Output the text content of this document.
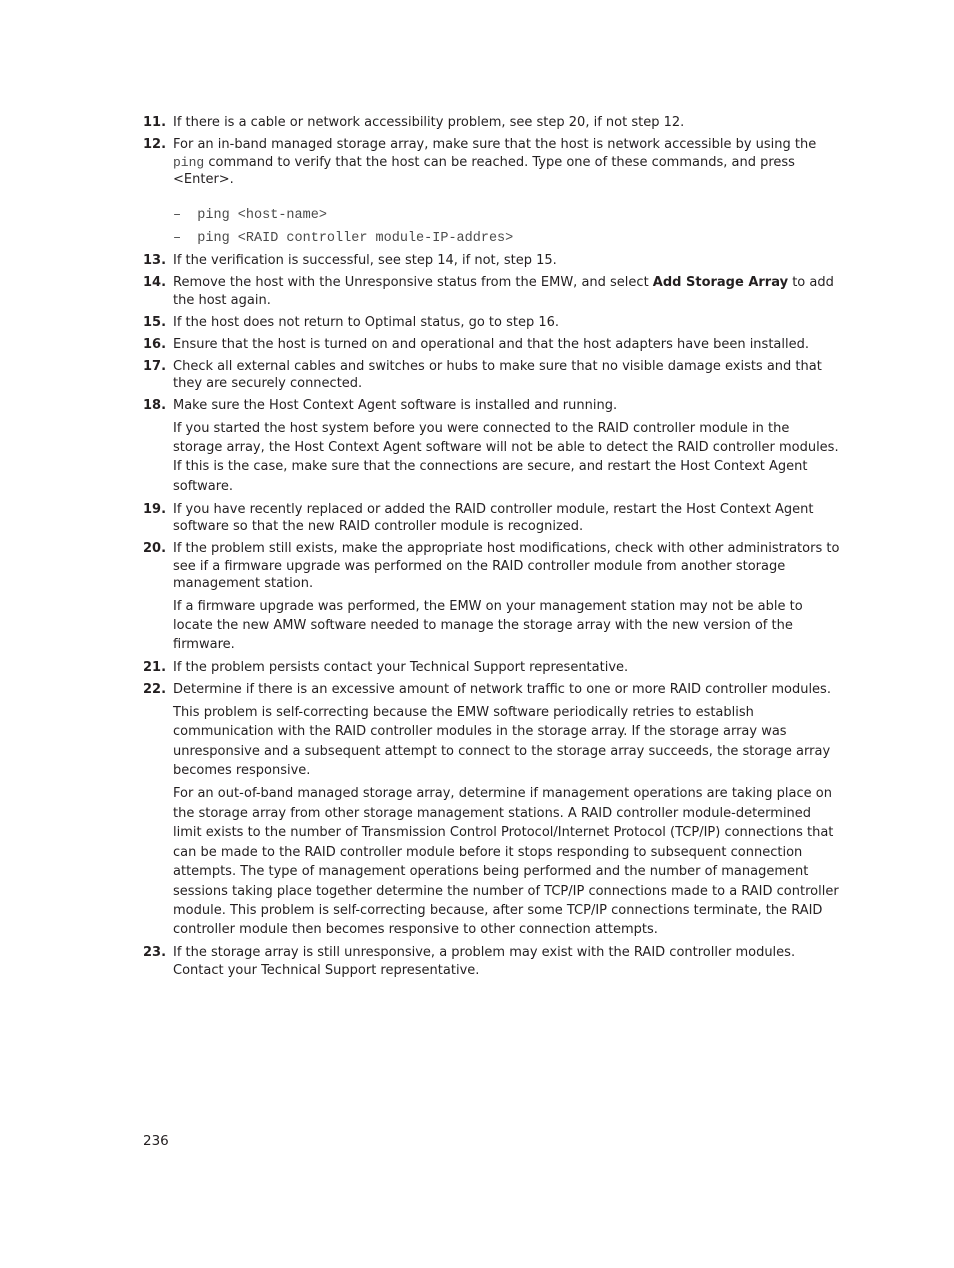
11. If there is a cable or network accessibility problem, see step 20, if not step 12.

12. For an in-band managed storage array, make sure that the host is network accessible by using the ping command to verify that the host can be reached. Type one of these commands, and press <Enter>.

–  ping <host-name>
–  ping <RAID controller module-IP-addres>
13. If the verification is successful, see step 14, if not, step 15.

14. Remove the host with the Unresponsive status from the EMW, and select Add Storage Array to add the host again.

15. If the host does not return to Optimal status, go to step 16.

16. Ensure that the host is turned on and operational and that the host adapters have been installed.

17. Check all external cables and switches or hubs to make sure that no visible damage exists and that they are securely connected.

18. Make sure the Host Context Agent software is installed and running.

If you started the host system before you were connected to the RAID controller module in the storage array, the Host Context Agent software will not be able to detect the RAID controller modules. If this is the case, make sure that the connections are secure, and restart the Host Context Agent software.

19. If you have recently replaced or added the RAID controller module, restart the Host Context Agent software so that the new RAID controller module is recognized.

20. If the problem still exists, make the appropriate host modifications, check with other administrators to see if a firmware upgrade was performed on the RAID controller module from another storage management station.

If a firmware upgrade was performed, the EMW on your management station may not be able to locate the new AMW software needed to manage the storage array with the new version of the firmware.

21. If the problem persists contact your Technical Support representative.

22. Determine if there is an excessive amount of network traffic to one or more RAID controller modules.

This problem is self-correcting because the EMW software periodically retries to establish communication with the RAID controller modules in the storage array. If the storage array was unresponsive and a subsequent attempt to connect to the storage array succeeds, the storage array becomes responsive.

For an out-of-band managed storage array, determine if management operations are taking place on the storage array from other storage management stations. A RAID controller module-determined limit exists to the number of Transmission Control Protocol/Internet Protocol (TCP/IP) connections that can be made to the RAID controller module before it stops responding to subsequent connection attempts. The type of management operations being performed and the number of management sessions taking place together determine the number of TCP/IP connections made to a RAID controller module. This problem is self-correcting because, after some TCP/IP connections terminate, the RAID controller module then becomes responsive to other connection attempts.

23. If the storage array is still unresponsive, a problem may exist with the RAID controller modules. Contact your Technical Support representative.

236
